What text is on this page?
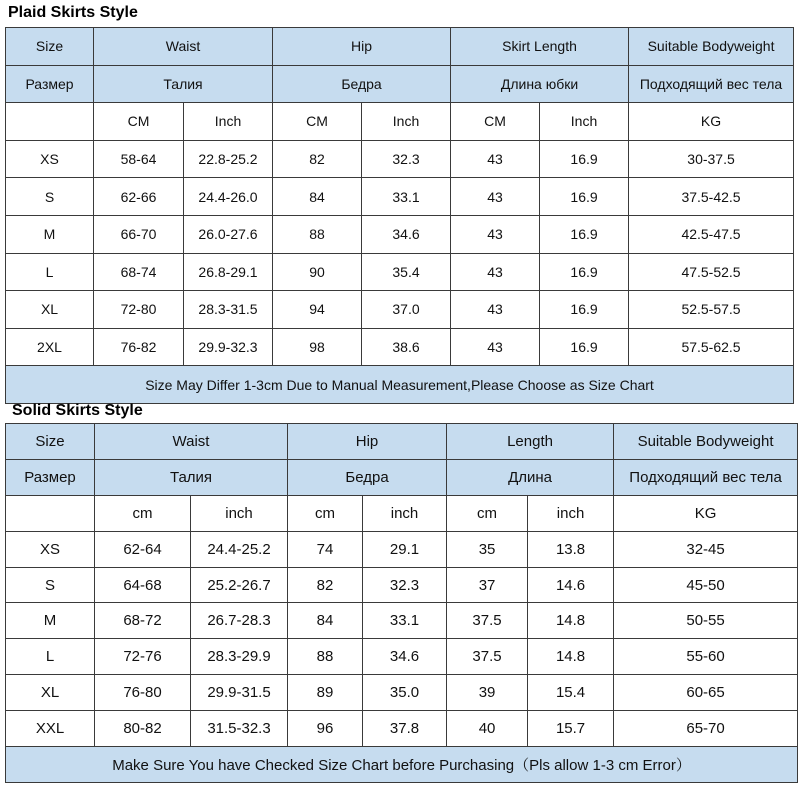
Plaid Skirts Style
Size	Waist		Hip		Skirt Length		Suitable Bodyweight
Размер	Талия		Бедра		Длина юбки		Подходящий вес тела
	CM	Inch	CM	Inch	CM	Inch	KG
XS	58-64	22.8-25.2	82	32.3	43	16.9	30-37.5
S	62-66	24.4-26.0	84	33.1	43	16.9	37.5-42.5
M	66-70	26.0-27.6	88	34.6	43	16.9	42.5-47.5
L	68-74	26.8-29.1	90	35.4	43	16.9	47.5-52.5
XL	72-80	28.3-31.5	94	37.0	43	16.9	52.5-57.5
2XL	76-82	29.9-32.3	98	38.6	43	16.9	57.5-62.5
Size May Differ 1-3cm Due to Manual Measurement,Please Choose as Size Chart							
Solid Skirts Style
Size	Waist		Hip		Length		Suitable Bodyweight
Размер	Талия		Бедра		Длина		Подходящий вес тела
	cm	inch	cm	inch	cm	inch	KG
XS	62-64	24.4-25.2	74	29.1	35	13.8	32-45
S	64-68	25.2-26.7	82	32.3	37	14.6	45-50
M	68-72	26.7-28.3	84	33.1	37.5	14.8	50-55
L	72-76	28.3-29.9	88	34.6	37.5	14.8	55-60
XL	76-80	29.9-31.5	89	35.0	39	15.4	60-65
XXL	80-82	31.5-32.3	96	37.8	40	15.7	65-70
Make Sure You have Checked Size Chart before Purchasing（Pls allow 1-3 cm Error）							
